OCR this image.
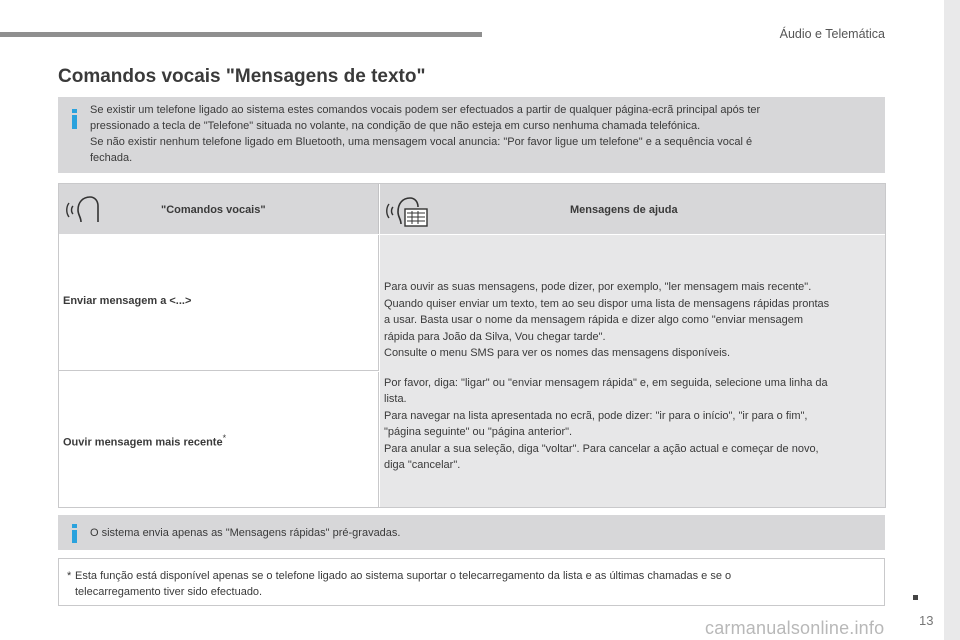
Áudio e Telemática
Comandos vocais "Mensagens de texto"
Se existir um telefone ligado ao sistema estes comandos vocais podem ser efectuados a partir de qualquer página-ecrã principal após ter
pressionado a tecla de "Telefone" situada no volante, na condição de que não esteja em curso nenhuma chamada telefónica.
Se não existir nenhum telefone ligado em Bluetooth, uma mensagem vocal anuncia: "Por favor ligue um telefone" e a sequência vocal é
fechada.
"Comandos vocais"	Mensagens de ajuda
Enviar mensagem a <...>
Ouvir mensagem mais recente*

Para ouvir as suas mensagens, pode dizer, por exemplo, "ler mensagem mais recente".
Quando quiser enviar um texto, tem ao seu dispor uma lista de mensagens rápidas prontas
a usar. Basta usar o nome da mensagem rápida e dizer algo como "enviar mensagem
rápida para João da Silva, Vou chegar tarde".
Consulte o menu SMS para ver os nomes das mensagens disponíveis.

Por favor, diga: "ligar" ou "enviar mensagem rápida" e, em seguida, selecione uma linha da
lista.
Para navegar na lista apresentada no ecrã, pode dizer: "ir para o início", "ir para o fim",
"página seguinte" ou "página anterior".
Para anular a sua seleção, diga "voltar". Para cancelar a ação actual e começar de novo,
diga "cancelar".

O sistema envia apenas as "Mensagens rápidas" pré-gravadas.
* Esta função está disponível apenas se o telefone ligado ao sistema suportar o telecarregamento da lista e as últimas chamadas e se o
telecarregamento tiver sido efectuado.
carmanualsonline.info	13
